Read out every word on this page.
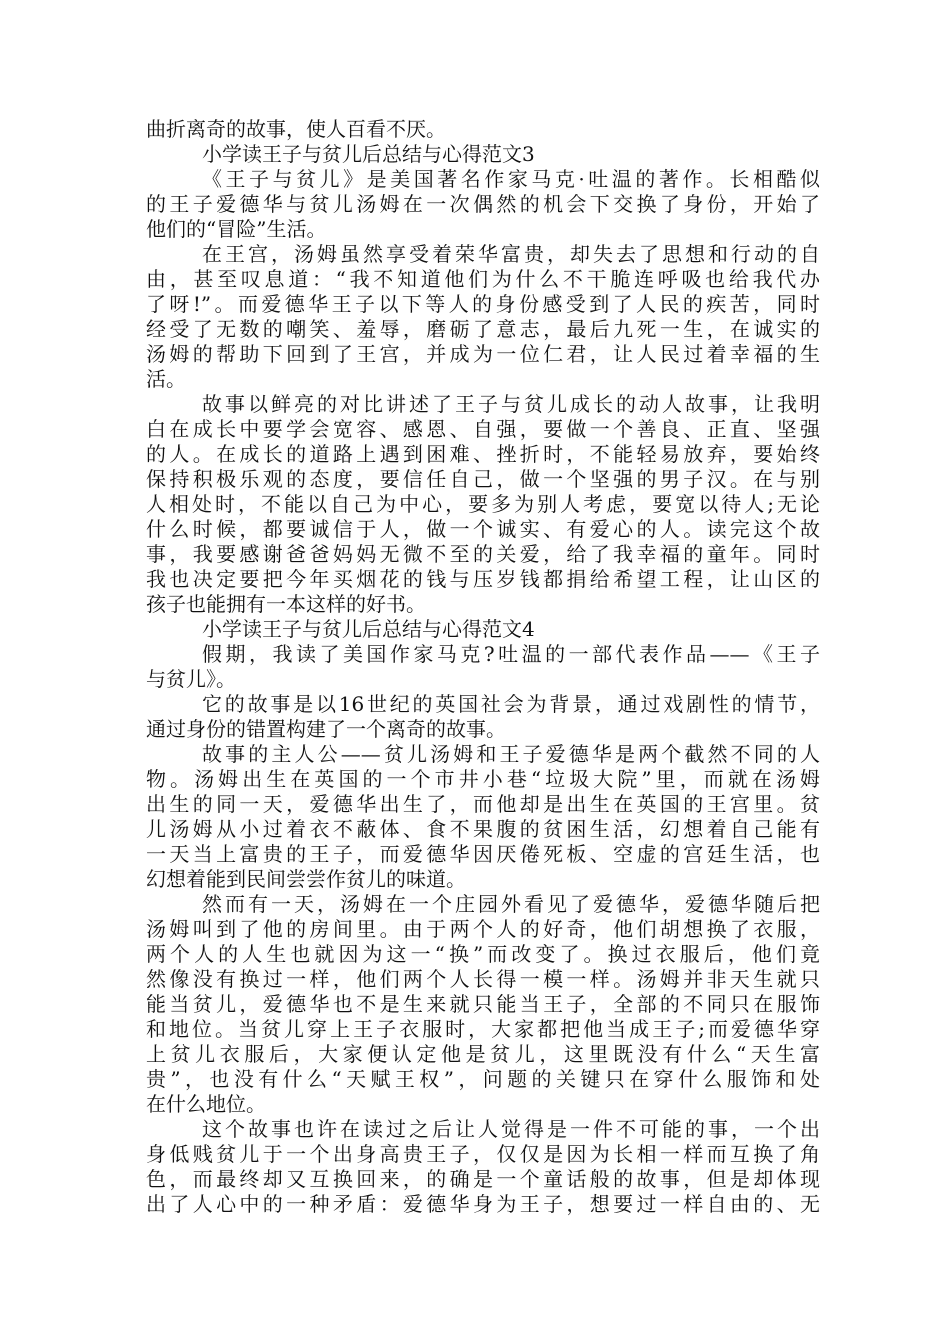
曲折离奇的故事，使人百看不厌。
小学读王子与贫儿后总结与心得范文3
《王子与贫儿》是美国著名作家马克·吐温的著作。长相酷似
的王子爱德华与贫儿汤姆在一次偶然的机会下交换了身份，开始了
他们的“冒险”生活。
在王宫，汤姆虽然享受着荣华富贵，却失去了思想和行动的自
由，甚至叹息道：“我不知道他们为什么不干脆连呼吸也给我代办
了呀!”。而爱德华王子以下等人的身份感受到了人民的疾苦，同时
经受了无数的嘲笑、羞辱，磨砺了意志，最后九死一生，在诚实的
汤姆的帮助下回到了王宫，并成为一位仁君，让人民过着幸福的生
活。
故事以鲜亮的对比讲述了王子与贫儿成长的动人故事，让我明
白在成长中要学会宽容、感恩、自强，要做一个善良、正直、坚强
的人。在成长的道路上遇到困难、挫折时，不能轻易放弃，要始终
保持积极乐观的态度，要信任自己，做一个坚强的男子汉。在与别
人相处时，不能以自己为中心，要多为别人考虑，要宽以待人;无论
什么时候，都要诚信于人，做一个诚实、有爱心的人。读完这个故
事，我要感谢爸爸妈妈无微不至的关爱，给了我幸福的童年。同时
我也决定要把今年买烟花的钱与压岁钱都捐给希望工程，让山区的
孩子也能拥有一本这样的好书。
小学读王子与贫儿后总结与心得范文4
假期，我读了美国作家马克?吐温的一部代表作品——《王子
与贫儿》。
它的故事是以16世纪的英国社会为背景，通过戏剧性的情节，
通过身份的错置构建了一个离奇的故事。
故事的主人公——贫儿汤姆和王子爱德华是两个截然不同的人
物。汤姆出生在英国的一个市井小巷“垃圾大院”里，而就在汤姆
出生的同一天，爱德华出生了，而他却是出生在英国的王宫里。贫
儿汤姆从小过着衣不蔽体、食不果腹的贫困生活，幻想着自己能有
一天当上富贵的王子，而爱德华因厌倦死板、空虚的宫廷生活，也
幻想着能到民间尝尝作贫儿的味道。
然而有一天，汤姆在一个庄园外看见了爱德华，爱德华随后把
汤姆叫到了他的房间里。由于两个人的好奇，他们胡想换了衣服，
两个人的人生也就因为这一“换”而改变了。换过衣服后，他们竟
然像没有换过一样，他们两个人长得一模一样。汤姆并非天生就只
能当贫儿，爱德华也不是生来就只能当王子，全部的不同只在服饰
和地位。当贫儿穿上王子衣服时，大家都把他当成王子;而爱德华穿
上贫儿衣服后，大家便认定他是贫儿，这里既没有什么“天生富
贵”，也没有什么“天赋王权”，问题的关键只在穿什么服饰和处
在什么地位。
这个故事也许在读过之后让人觉得是一件不可能的事，一个出
身低贱贫儿于一个出身高贵王子，仅仅是因为长相一样而互换了角
色，而最终却又互换回来，的确是一个童话般的故事，但是却体现
出了人心中的一种矛盾：爱德华身为王子，想要过一样自由的、无
